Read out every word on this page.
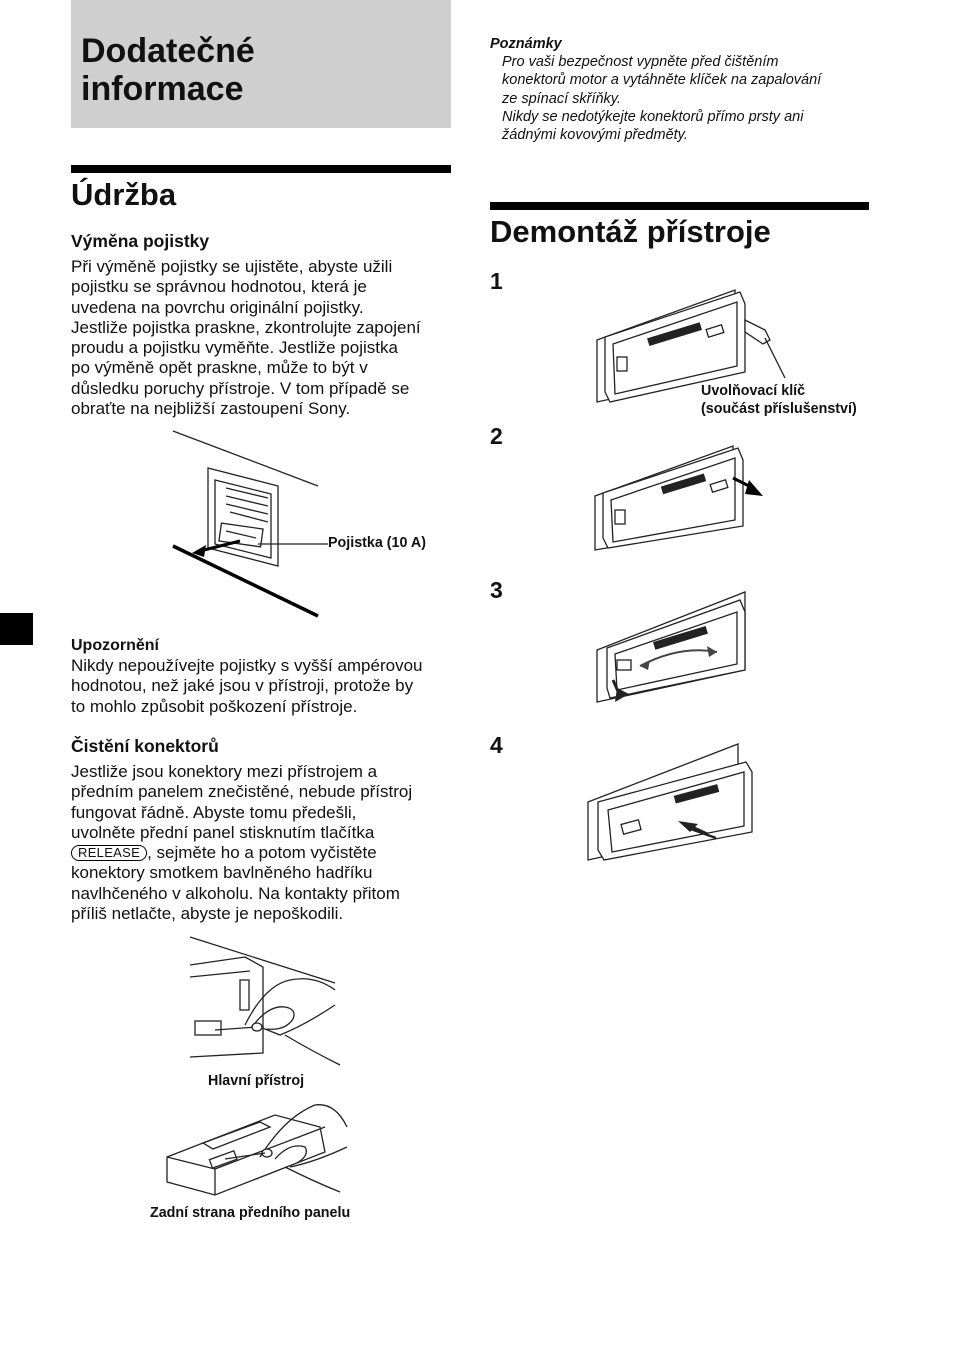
Dodatečné
informace
Údržba
Výměna pojistky
Při výměně pojistky se ujistěte, abyste užili
pojistku se správnou hodnotou, která je
uvedena na povrchu originální pojistky.
Jestliže pojistka praskne, zkontrolujte zapojení
proudu a pojistku vyměňte. Jestliže pojistka
po výměně opět praskne, může to být v
důsledku poruchy přístroje. V tom případě se
obraťte na nejbližší zastoupení Sony.
Pojistka (10 A)
Upozornění
Nikdy nepoužívejte pojistky s vyšší ampérovou
hodnotou, než jaké jsou v přístroji, protože by
to mohlo způsobit poškození přístroje.
Čistění konektorů
Jestliže jsou konektory mezi přístrojem a
předním panelem znečistěné, nebude přístroj
fungovat řádně. Abyste tomu předešli,
uvolněte přední panel stisknutím tlačítka
RELEASE , sejměte ho a potom vyčistěte
konektory smotkem bavlněného hadříku
navlhčeného v alkoholu. Na kontakty přitom
příliš netlačte, abyste je nepoškodili.
Hlavní přístroj
Zadní strana předního panelu
Poznámky
Pro vaši bezpečnost vypněte před čištěním
konektorů motor a vytáhněte klíček na zapalování
ze spínací skříňky.
Nikdy se nedotýkejte konektorů přímo prsty ani
žádnými kovovými předměty.
Demontáž přístroje
1
2
3
4
Uvolňovací klíč
(součást příslušenství)
